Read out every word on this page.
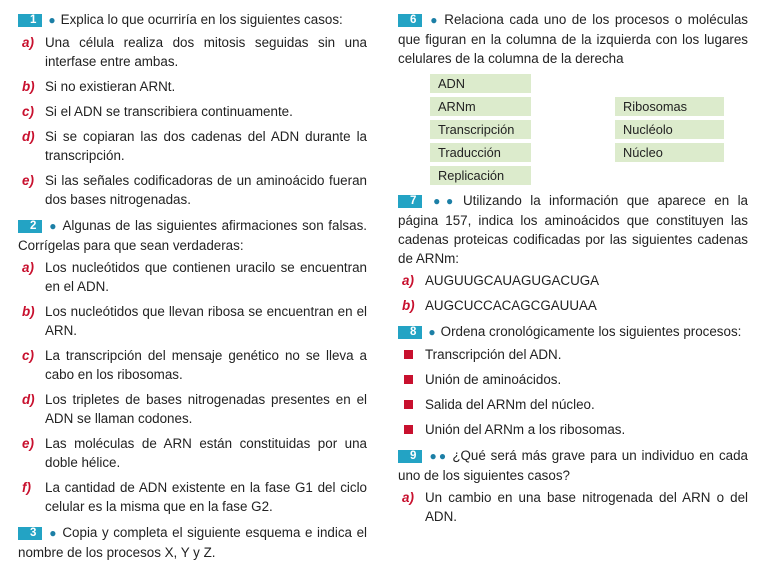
1 ● Explica lo que ocurriría en los siguientes casos:
a) Una célula realiza dos mitosis seguidas sin una interfase entre ambas.
b) Si no existieran ARNt.
c) Si el ADN se transcribiera continuamente.
d) Si se copiaran las dos cadenas del ADN durante la transcripción.
e) Si las señales codificadoras de un aminoácido fueran dos bases nitrogenadas.
2 ● Algunas de las siguientes afirmaciones son falsas. Corrígelas para que sean verdaderas:
a) Los nucleótidos que contienen uracilo se encuentran en el ADN.
b) Los nucleótidos que llevan ribosa se encuentran en el ARN.
c) La transcripción del mensaje genético no se lleva a cabo en los ribosomas.
d) Los tripletes de bases nitrogenadas presentes en el ADN se llaman codones.
e) Las moléculas de ARN están constituidas por una doble hélice.
f) La cantidad de ADN existente en la fase G1 del ciclo celular es la misma que en la fase G2.
3 ● Copia y completa el siguiente esquema e indica el nombre de los procesos X, Y y Z.
6 ● Relaciona cada uno de los procesos o moléculas que figuran en la columna de la izquierda con los lugares celulares de la columna de la derecha
ADN
ARNm
Transcripción
Traducción
Replicación
Ribosomas
Nucléolo
Núcleo
7 ●● Utilizando la información que aparece en la página 157, indica los aminoácidos que constituyen las cadenas proteicas codificadas por las siguientes cadenas de ARNm:
a) AUGUUGCAUAGUGACUGA
b) AUGCUCCACAGCGAUUAA
8 ● Ordena cronológicamente los siguientes procesos:
Transcripción del ADN.
Unión de aminoácidos.
Salida del ARNm del núcleo.
Unión del ARNm a los ribosomas.
9 ●● ¿Qué será más grave para un individuo en cada uno de los siguientes casos?
a) Un cambio en una base nitrogenada del ARN o del ADN.
